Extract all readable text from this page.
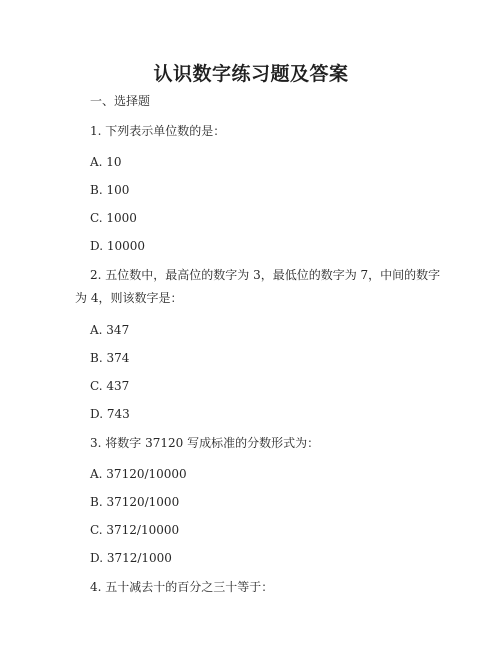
认识数字练习题及答案
一、选择题
1. 下列表示单位数的是：
A. 10
B. 100
C. 1000
D. 10000
2. 五位数中，最高位的数字为 3，最低位的数字为 7，中间的数字
为 4，则该数字是：
A. 347
B. 374
C. 437
D. 743
3. 将数字 37120 写成标准的分数形式为：
A. 37120/10000
B. 37120/1000
C. 3712/10000
D. 3712/1000
4. 五十减去十的百分之三十等于：
